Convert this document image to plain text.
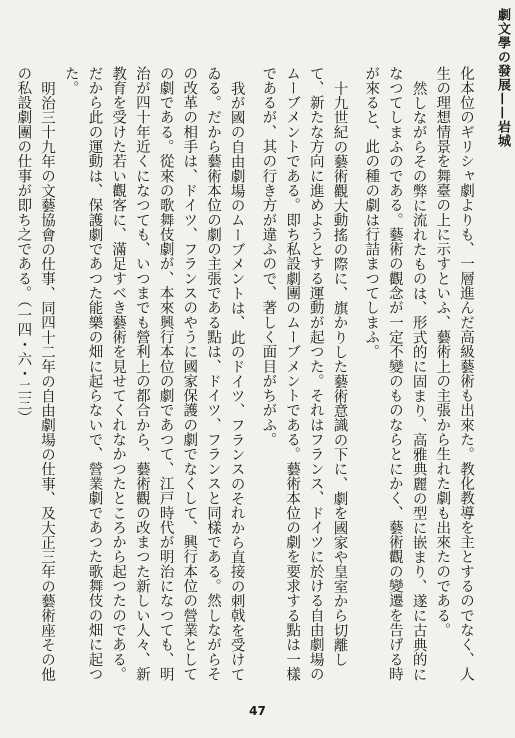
劇文學の發展——岩城

化本位のギリシャ劇よりも、一層進んだ高級藝術も出來た。教化教導を主とするのでなく、人生の理想情景を舞臺の上に示すといふ、藝術上の主張から生れた劇も出來たのである。

然しながらその弊に流れたものは、形式的に固まり、高雅典麗の型に嵌まり、遂に古典的になつてしまふのである。藝術の觀念が一定不變のものならとにかく、藝術觀の變遷を告げる時が來ると、此の種の劇は行詰まつてしまふ。

十九世紀の藝術觀大動搖の際に、旗かりした藝術意識の下に、劇を國家や皇室から切離して、新たな方向に進めようとする運動が起つた。それはフランス、ドイツに於ける自由劇場のムーブメントである。即ち私設劇團のムーブメントである。藝術本位の劇を要求する點は一樣であるが、其の行き方が違ふので、著しく面目がちがふ。

我が國の自由劇場のムーブメントは、此のドイツ、フランスのそれから直接の刺戟を受けてゐる。だから藝術本位の劇の主張である點は、ドイツ、フランスと同樣である。然しながらその改革の相手は、ドイツ、フランスのやうに國家保護の劇でなくして、興行本位の營業としての劇である。從來の歌舞伎劇が、本來興行本位の劇であつて、江戸時代が明治になつても、明治が四十年近くになつても、いつまでも營利上の都合から、藝術觀の改まつた新しい人々、新教育を受けた若い觀客に、滿足すべき藝術を見せてくれなかつたところから起つたのである。だから此の運動は、保護劇であつた能樂の畑に起らないで、營業劇であつた歌舞伎の畑に起つた。

明治三十九年の文藝協會の仕事、同四十二年の自由劇場の仕事、及大正三年の藝術座その他の私設劇團の仕事が即ち之である。（一四・六・二三）

47
